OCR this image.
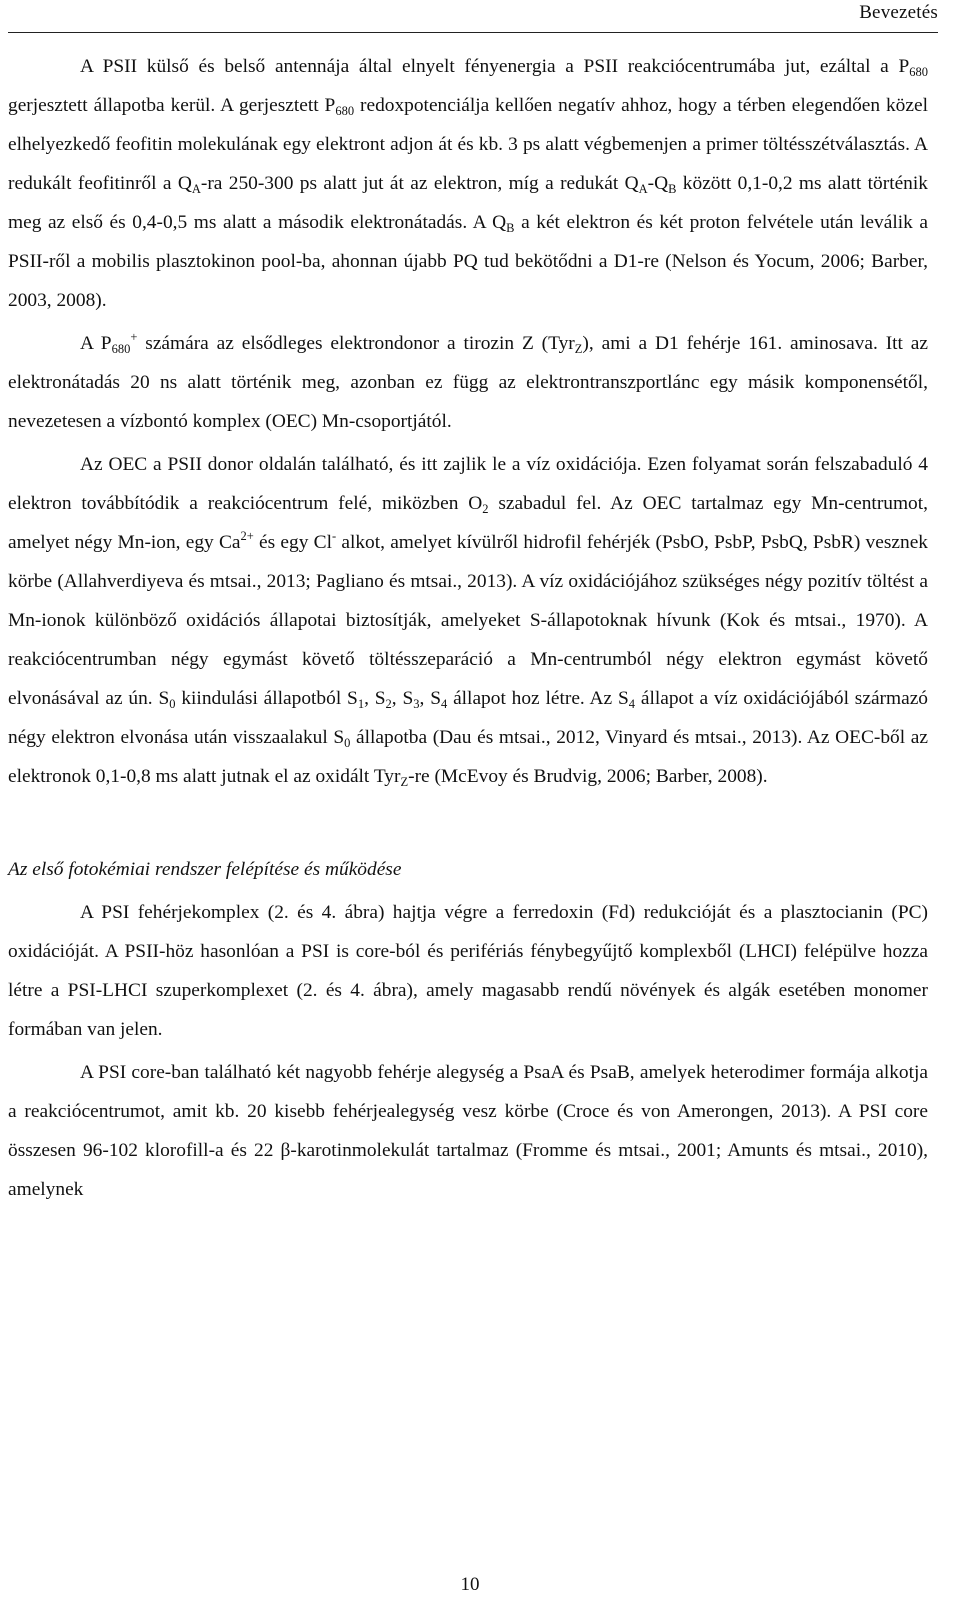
Bevezetés

A PSII külső és belső antennája által elnyelt fényenergia a PSII reakciócentrumába jut, ezáltal a $P_{680}$ gerjesztett állapotba kerül. A gerjesztett $P_{680}$ redoxpotenciálja kellően negatív ahhoz, hogy a térben elegendően közel elhelyezkedő feofitin molekulának egy elektront adjon át és kb. 3 ps alatt végbemenjen a primer töltésszétválasztás. A redukált feofitinről a $Q_A-ra$ 250-300 ps alatt jut át az elektron, míg a redukát $Q_A-Q_B$ között 0,1-0,2 ms alatt történik meg az első és 0,4-0,5 ms alatt a második elektronátadás. A $Q_B$ a két elektron és két proton felvétele után leválik a PSII-ről a mobilis plasztokinon pool-ba, ahonnan újabb PQ tud bekötődni a D1-re (Nelson és Yocum, 2006; Barber, 2003, 2008).

A $P_{680}^+$ számára az elsődleges elektrondonor a tirozin Z (Tyr$_Z$), ami a D1 fehérje 161. aminosava. Itt az elektronátadás 20 ns alatt történik meg, azonban ez függ az elektrontranszportlánc egy másik komponensétől, nevezetesen a vízbontó komplex (OEC) Mn-csoportjától.

Az OEC a PSII donor oldalán található, és itt zajlik le a víz oxidációja. Ezen folyamat során felszabaduló 4 elektron továbbítódik a reakciócentrum felé, miközben $O_2$ szabadul fel. Az OEC tartalmaz egy Mn-centrumot, amelyet négy Mn-ion, egy $Ca^{2+}$ és egy Cl- alkot, amelyet kívülről hidrofil fehérjék (PsbO, PsbP, PsbQ, PsbR) vesznek körbe (Allahverdiyeva és mtsai., 2013; Pagliano és mtsai., 2013). A víz oxidációjához szükséges négy pozitív töltést a Mn-ionok különböző oxidációs állapotai biztosítják, amelyeket S-állapotoknak hívunk (Kok és mtsai., 1970). A reakciócentrumban négy egymást követő töltésszeparáció a Mn-centrumból négy elektron egymást követő elvonásával az ún. $S_0$ kiindulási állapotból $S_1$, $S_2$, $S_3$, $S_4$ állapot hoz létre. Az $S_4$ állapot a víz oxidációjából származó négy elektron elvonása után visszaalakul $S_0$ állapotba (Dau és mtsai., 2012, Vinyard és mtsai., 2013). Az OEC-ből az elektronok 0,1-0,8 ms alatt jutnak el az oxidált Tyr$_Z$-re (McEvoy és Brudvig, 2006; Barber, 2008).

Az első fotokémiai rendszer felépítése és működése

A PSI fehérjekomplex (2. és 4. ábra) hajtja végre a ferredoxin (Fd) redukcióját és a plasztocianin (PC) oxidációját. A PSII-höz hasonlóan a PSI is core-ból és perifériás fénybegyűjtő komplexből (LHCI) felépülve hozza létre a PSI-LHCI szuperkomplexet (2. és 4. ábra), amely magasabb rendű növények és algák esetében monomer formában van jelen.

A PSI core-ban található két nagyobb fehérje alegység a PsaA és PsaB, amelyek heterodimer formája alkotja a reakciócentrumot, amit kb. 20 kisebb fehérjealegység vesz körbe (Croce és von Amerongen, 2013). A PSI core összesen 96-102 klorofill-a és 22 β-karotinmolekulát tartalmaz (Fromme és mtsai., 2001; Amunts és mtsai., 2010), amelynek

10
